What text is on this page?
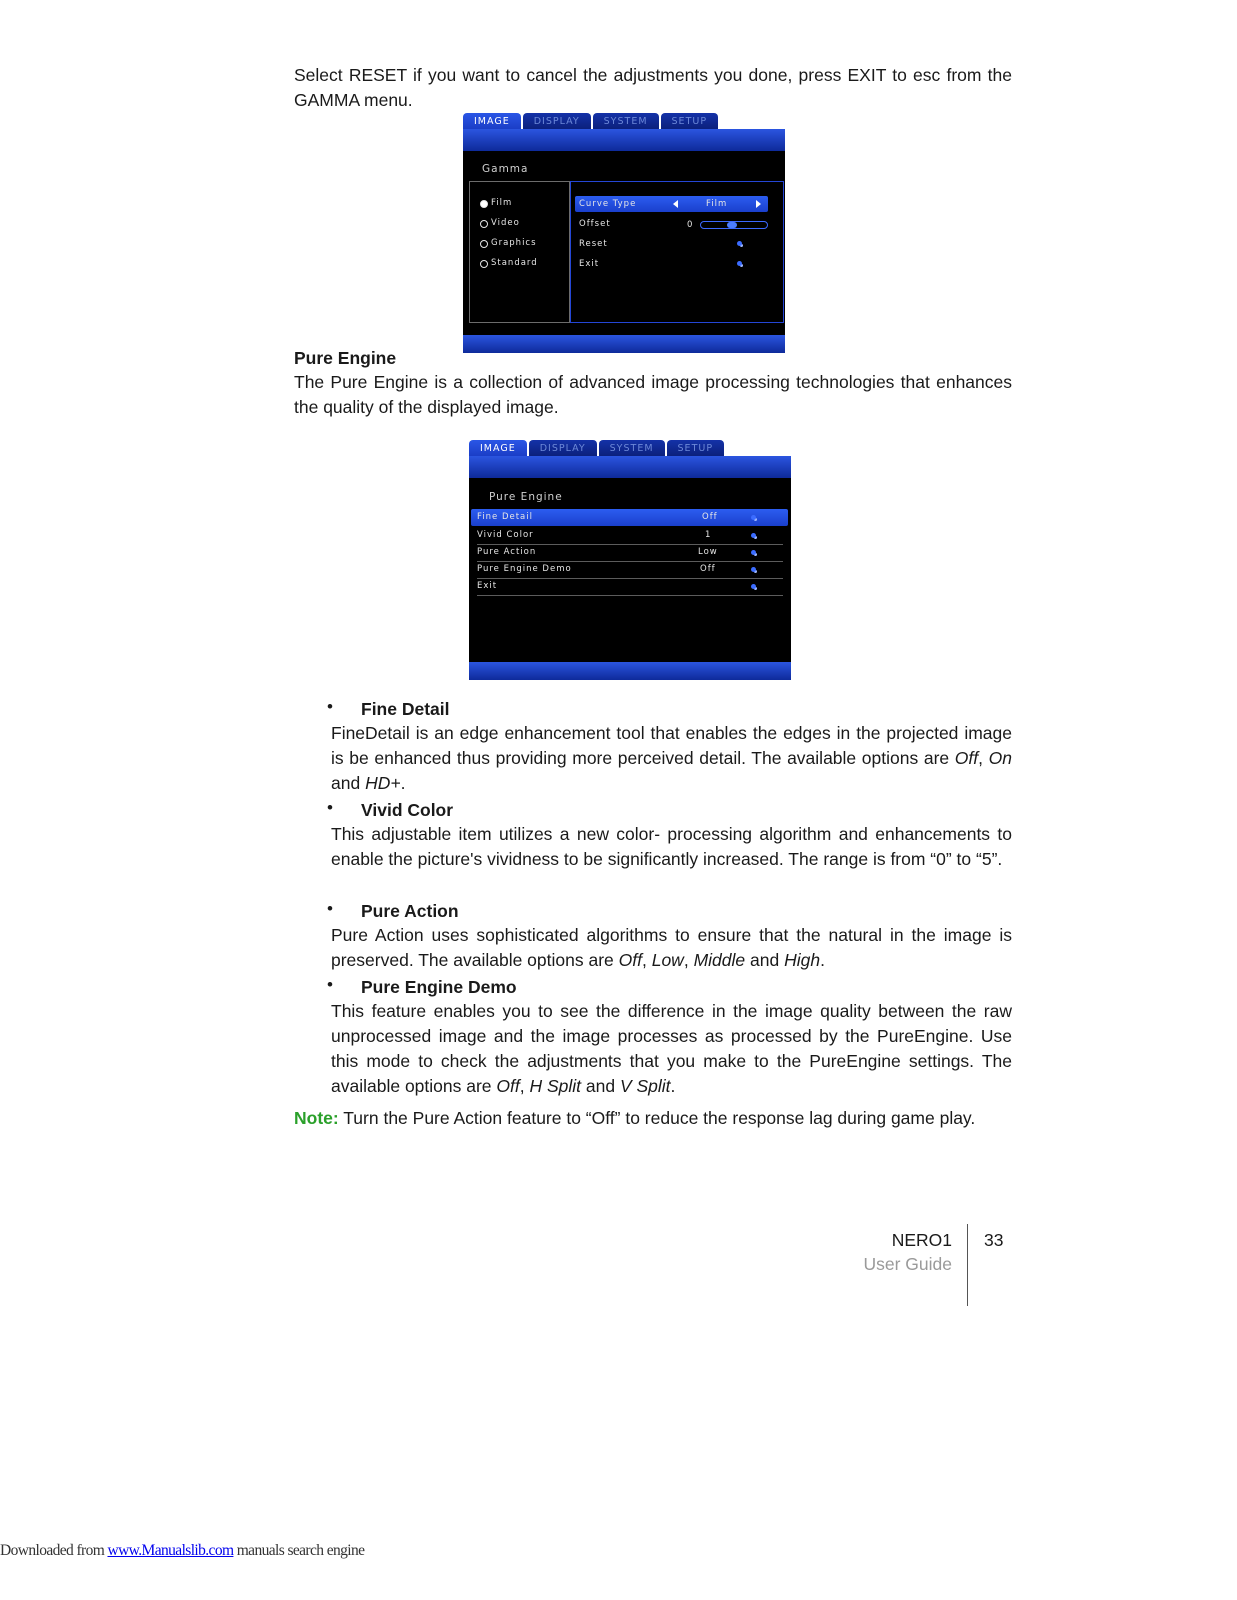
Select RESET if you want to cancel the adjustments you done, press EXIT to esc from the GAMMA menu.
IMAGE	DISPLAY	SYSTEM	SETUP
Gamma
Film
Video
Graphics
Standard
Curve Type	Film
Offset	0
Reset
Exit
Pure Engine
The Pure Engine is a collection of advanced image processing technologies that enhances the quality of the displayed image.
IMAGE	DISPLAY	SYSTEM	SETUP
Pure Engine
Fine Detail	Off
Vivid Color	1
Pure Action	Low
Pure Engine Demo	Off
Exit
• Fine Detail
FineDetail is an edge enhancement tool that enables the edges in the projected image is be enhanced thus providing more perceived detail. The available options are Off, On and HD+.
• Vivid Color
This adjustable item utilizes a new color- processing algorithm and enhancements to enable the picture's vividness to be significantly increased. The range is from “0” to “5”.
• Pure Action
Pure Action uses sophisticated algorithms to ensure that the natural in the image is preserved. The available options are Off, Low, Middle and High.
• Pure Engine Demo
This feature enables you to see the difference in the image quality between the raw unprocessed image and the image processes as processed by the PureEngine. Use this mode to check the adjustments that you make to the PureEngine settings. The available options are Off, H Split and V Split.
Note: Turn the Pure Action feature to “Off” to reduce the response lag during game play.
NERO1
User Guide
33
Downloaded from www.Manualslib.com manuals search engine
